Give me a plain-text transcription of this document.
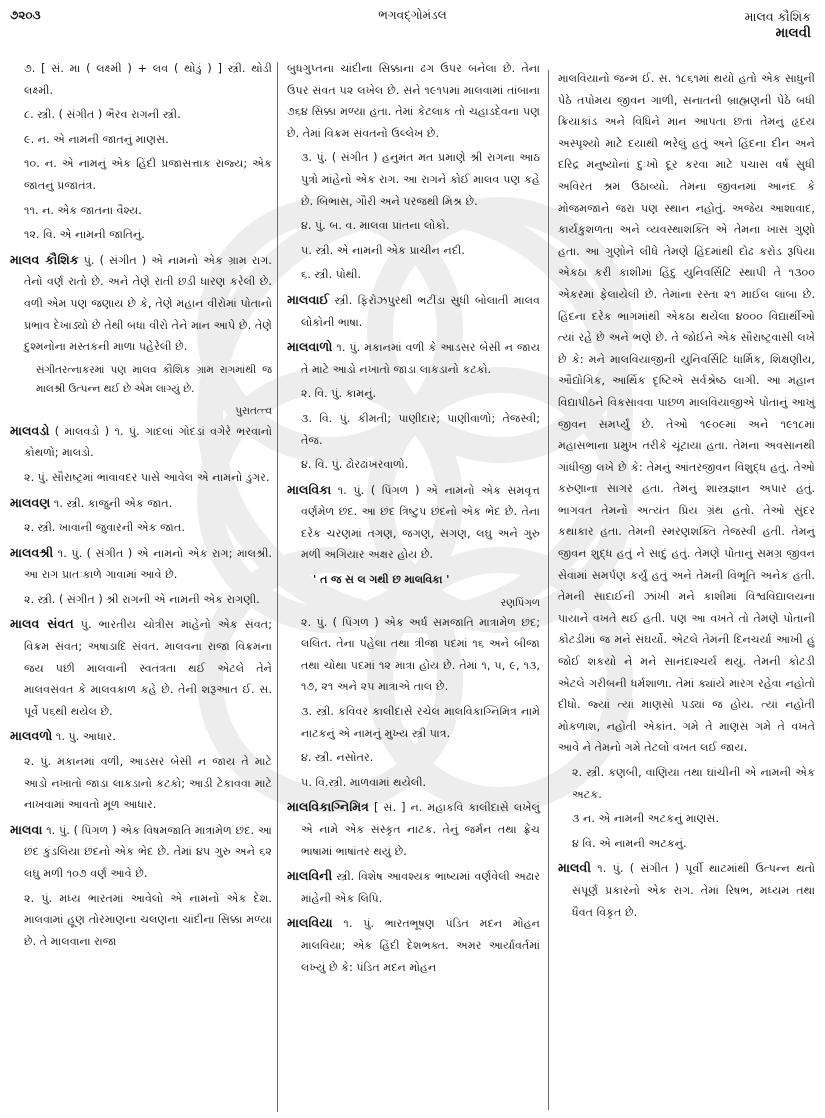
૭૨૦૩	ભગવદ્ગોમંડલ	માલવ કૌશિક
માલવી
૭. [ સં. મા ( લક્ષ્મી ) + લવ ( થોડું ) ] સ્ત્રી. થોડી લક્ષ્મી.
૮. સ્ત્રી. ( સંગીત ) ભૈરવ રાગની સ્ત્રી.
૯. ન. એ નામની જાતનું માણસ.
૧૦. ન. એ નામનું એક હિંદી પ્રજાસત્તાક રાજ્ય; એક જાતનું પ્રજાતંત્ર.
૧૧. ન. એક જાતના વૈશ્ય.
૧૨. વિ. એ નામની જાતિનું.
માલવ કૌશિક પું. ( સંગીત ) એ નામનો એક ગ્રામ રાગ. તેનો વર્ણ રાતો છે. અને તેણે રાતી છડી ધારણ કરેલી છે. વળી એમ પણ જણાય છે કે, તેણે મહાન વીરોમાં પોતાનો પ્રભાવ દેખાડ્યો છે તેથી બધા વીરો તેને માન આપે છે. તેણે દુશ્મનોના મસ્તકની માળા પહેરેલી છે.
સંગીતરત્નાકરમાં પણ માલવ કૌશિક ગ્રામ રાગમાંથી જ માલશ્રી ઉત્પન્ન થઈ છે એમ લાગ્યું છે.
પુરાતત્ત્વ
માલવડો ( માલવડો ) ૧. પું. ગાદલાં ગોદડાં વગેરે ભરવાનો કોથળો; માલડો.
૨. પું. સૌરાષ્ટ્રમાં ભાવાવદર પાસે આવેલ એ નામનો ડુંગર.
માલવણ ૧. સ્ત્રી. કાજુની એક જાત.
૨. સ્ત્રી. ખાવાની જુવારની એક જાત.
માલવશ્રી ૧. પું. ( સંગીત ) એ નામનો એક રાગ; માલશ્રી. આ રાગ પ્રાતઃકાળે ગાવામાં આવે છે.
૨. સ્ત્રી. ( સંગીત ) શ્રી રાગની એ નામની એક રાગણી.
માલવ સંવત પું. ભારતીય ચોત્રીસ માંહેનો એક સંવત; વિક્રમ સંવત; અષાડાદિ સંવત. માલવના રાજા વિક્રમના જય પછી માલવાની સ્વતંત્રતા થઈ એટલે તેને માલવસંવત કે માલવકાળ કહે છે. તેની શરૂઆત ઈ. સ. પૂર્વે ૫૬થી થયેલ છે.
માલવળો ૧. પું. આધાર.
૨. પું. મકાનમાં વળી, આડસર બેસી ન જાય તે માટે આડો નખાતો જાડા લાકડાનો કટકો; આડી ટેકાવવા માટે નાખવામાં આવતો મૂળ આધાર.
માલવા ૧. પું. ( પિંગળ ) એક વિષમજાતિ માત્રામેળ છંદ. આ છંદ કુંડલિયા છંદનો એક ભેદ છે. તેમાં ૪૫ ગુરુ અને ૬૨ લઘુ મળી ૧૦૭ વર્ણ આવે છે.
૨. પું. મધ્ય ભારતમાં આવેલો એ નામનો એક દેશ. માલવામાં હૂણ તોરમાણના ચલણના ચાંદીના સિક્કા મળ્યા છે. તે માલવાના રાજા
બુધગુપ્તના ચાંદીના સિક્કાના ઢગ ઉપર બનેલા છે. તેના ઉપર સંવત ૫૨ લખેલ છે. સને ૧૯૧૫માં માલવામાં તાંબાના ૭૬૪ સિક્કા મળ્યા હતા. તેમાં કેટલાક તો ચહાડદેવના પણ છે. તેમાં વિક્રમ સંવતનો ઉલ્લેખ છે.
૩. પું. ( સંગીત ) હનુમંત મત પ્રમાણે શ્રી રાગના આઠ પુત્રો માંહેનો એક રાગ. આ રાગને કોઈ માલવ પણ કહે છે. બિભાસ, ગૌરી અને પરજથી મિશ્ર છે.
૪. પું. બ. વ. માલવા પ્રાંતના લોકો.
૫. સ્ત્રી. એ નામની એક પ્રાચીન નદી.
૬. સ્ત્રી. પોથી.
માલવાઈ સ્ત્રી. ફિરોઝપુરથી ભટીંડા સુધી બોલાતી માલવ લોકોની ભાષા.
માલવાળો ૧. પું. મકાનમાં વળી કે આડસર બેસી ન જાય તે માટે આડો નખાતો જાડા લાકડાનો કટકો.
૨. વિ. પું. કામનું.
૩. વિ. પું. કીમતી; પાણીદાર; પાણીવાળો; તેજસ્વી; તેજ.
૪. વિ. પું. ઢોરઢાંખરવાળો.
માલવિકા ૧. પું. ( પિંગળ ) એ નામનો એક સમવૃત્ત વર્ણમેળ છંદ. આ છંદ ત્રિષ્ટુપ છંદનો એક ભેદ છે. તેના દરેક ચરણમાં તગણ, જગણ, સગણ, લઘુ અને ગુરુ મળી અગિયાર અક્ષર હોય છે.
' ત જ સ લ ગથી છ માલવિકા '
રણપિંગળ
૨. પું. ( પિંગળ ) એક અર્ધ સમજાતિ માત્રામેળ છંદ; લલિત. તેના પહેલા તથા ત્રીજા પદમાં ૧૬ અને બીજા તથા ચોથા પદમાં ૧૨ માત્રા હોય છે. તેમાં ૧, ૫, ૯, ૧૩, ૧૭, ૨૧ અને ૨૫ માત્રાએ તાલ છે.
૩. સ્ત્રી. કવિવર કાલીદાસે રચેલ માલવિકાગ્નિમિત્ર નામે નાટકનું એ નામનું મુખ્ય સ્ત્રી પાત્ર.
૪. સ્ત્રી. નસોતર.
૫. વિ.સ્ત્રી. માળવામાં થયેલી.
માલવિકાગ્નિમિત્ર [ સં. ] ન. મહાકવિ કાલીદાસે લખેલું એ નામે એક સંસ્કૃત નાટક. તેનું જર્મન તથા ફ્રેંચ ભાષામાં ભાષાંતર થયું છે.
માલવિની સ્ત્રી. વિશેષ આવશ્યક ભાષ્યમાં વર્ણવેલી અઢાર માંહેની એક લિપિ.
માલવિયા ૧. પું. ભારતભૂષણ પંડિત મદન મોહન માલવિયા; એક હિંદી દેશભક્ત. અમર આર્યાવર્તમાં લખ્યું છે કે: પંડિત મદન મોહન
માલવિયાનો જન્મ ઈ. સ. ૧૮૬૧માં થયો હતો એક સાધુની પેઠે તપોમય જીવન ગાળી, સનાતની બ્રાહ્મણની પેઠે બધી ક્રિયાકાંડ અને વિધિને માન આપતા છતાં તેમનું હૃદય અસ્પૃશ્યો માટે દયાથી ભરેલું હતું અને હિંદના દીન અને દરિદ્ર મનુષ્યોનાં દુઃખો દૂર કરવા માટે પચાસ વર્ષ સુધી અવિરત શ્રમ ઉઠાવ્યો. તેમના જીવનમાં આનંદ કે મોજમજાને જરા પણ સ્થાન નહોતું. અજેય આશાવાદ, કાર્યકુશળતા અને વ્યવસ્થાશક્તિ એ તેમના ખાસ ગુણો હતા. આ ગુણોને લીધે તેમણે હિંદમાંથી દોઢ કરોડ રૂપિયા એકઠા કરી કાશીમાં હિંદુ યુનિવર્સિટિ સ્થાપી તે ૧૩૦૦ એકરમાં ફેલાયેલી છે. તેમાંના રસ્તા ૨૧ માઈલ લાંબા છે. હિંદના દરેક ભાગમાંથી એકઠા થયેલા ૪૦૦૦ વિદ્યાર્થીઓ ત્યાં રહે છે અને ભણે છે. તે જોઈને એક સૌરાષ્ટ્રવાસી લખે છે કે: મને માલવિયાજીની યુનિવર્સિટિ ધાર્મિક, શિક્ષણીય, ઔદ્યોગિક, આર્થિક દૃષ્ટિએ સર્વશ્રેષ્ઠ લાગી. આ મહાન વિદ્યાપીઠને વિકસાવવા પાછળ માલવિયાજીએ પોતાનું આખું જીવન સમર્પ્યું છે. તેઓ ૧૯૦૯માં અને ૧૯૧૮માં મહાસભાના પ્રમુખ તરીકે ચૂંટાયા હતા. તેમના અવસાનથી ગાંધીજી લખે છે કે: તેમનું આંતરજીવન વિશુદ્ધ હતું. તેઓ કરુણાના સાગર હતા. તેમનું શાસ્ત્રજ્ઞાન અપાર હતું. ભાગવત તેમનો અત્યંત પ્રિય ગ્રંથ હતો. તેઓ સુંદર કથાકાર હતા. તેમની સ્મરણશક્તિ તેજસ્વી હતી. તેમનું જીવન શુદ્ધ હતું ને સાદું હતું. તેમણે પોતાનું સમગ્ર જીવન સેવામાં સમર્પણ કર્યું હતું અને તેમની વિભૂતિ અનેક હતી. તેમની સાદાઈની ઝાંખી મને કાશીમાં વિશ્વવિદ્યાલયના પાયાને વખતે થઈ હતી. પણ આ વખતે તો તેમણે પોતાની કોટડીમાં જ મને સંઘર્યો. એટલે તેમની દિનચર્યા આખી હું જોઈ શકયો ને મને સાનંદાશ્ચર્ય થયું. તેમની કોટડી એટલે ગરીબની ધર્મશાળા. તેમાં ક્યાંયે મારગ રહેવા નહોતો દીધો. જ્યાં ત્યાં માણસો પડ્યાં જ હોય. ત્યાં નહોતી મોકળાશ, નહોતી એકાંત. ગમે તે માણસ ગમે તે વખતે આવે ને તેમનો ગમે તેટલો વખત લઈ જાય.
૨. સ્ત્રી. કણબી, વાણિયા તથા ઘાંચીની એ નામની એક અટક.
૩ ન. એ નામની અટકનું માણસ.
૪ વિ. એ નામની અટકનું.
માલવી ૧. પું. ( સંગીત ) પૂર્વી થાટમાંથી ઉત્પન્ન થતો સંપૂર્ણ પ્રકારનો એક રાગ. તેમાં રિષભ, મધ્યમ તથા ધૈવત વિકૃત છે.
